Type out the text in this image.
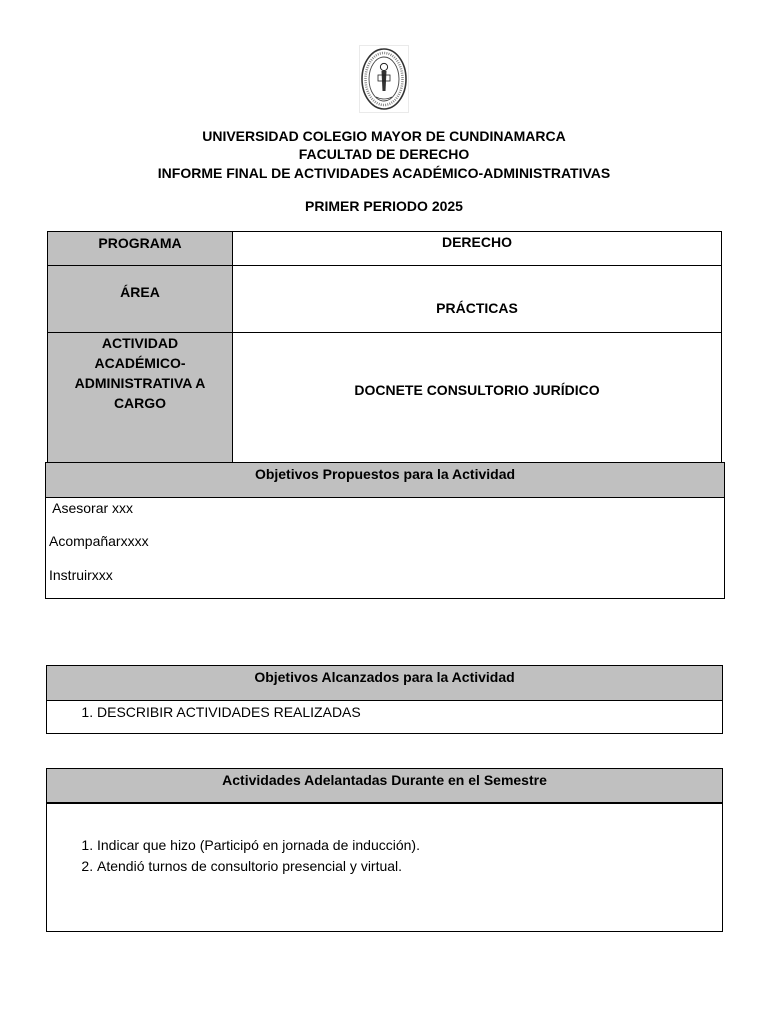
UNIVERSIDAD COLEGIO MAYOR DE CUNDINAMARCA
FACULTAD DE DERECHO
INFORME FINAL DE ACTIVIDADES ACADÉMICO-ADMINISTRATIVAS
PRIMER PERIODO 2025
PROGRAMA	DERECHO
ÁREA	PRÁCTICAS
ACTIVIDAD ACADÉMICO-ADMINISTRATIVA A CARGO	DOCNETE CONSULTORIO JURÍDICO
Objetivos Propuestos para la Actividad
Asesorar xxx
Acompañarxxxx
Instruirxxx
Objetivos Alcanzados para la Actividad
1. DESCRIBIR ACTIVIDADES REALIZADAS
Actividades Adelantadas Durante en el Semestre
1. Indicar que hizo (Participó en jornada de inducción).
2. Atendió turnos de consultorio presencial y virtual.
